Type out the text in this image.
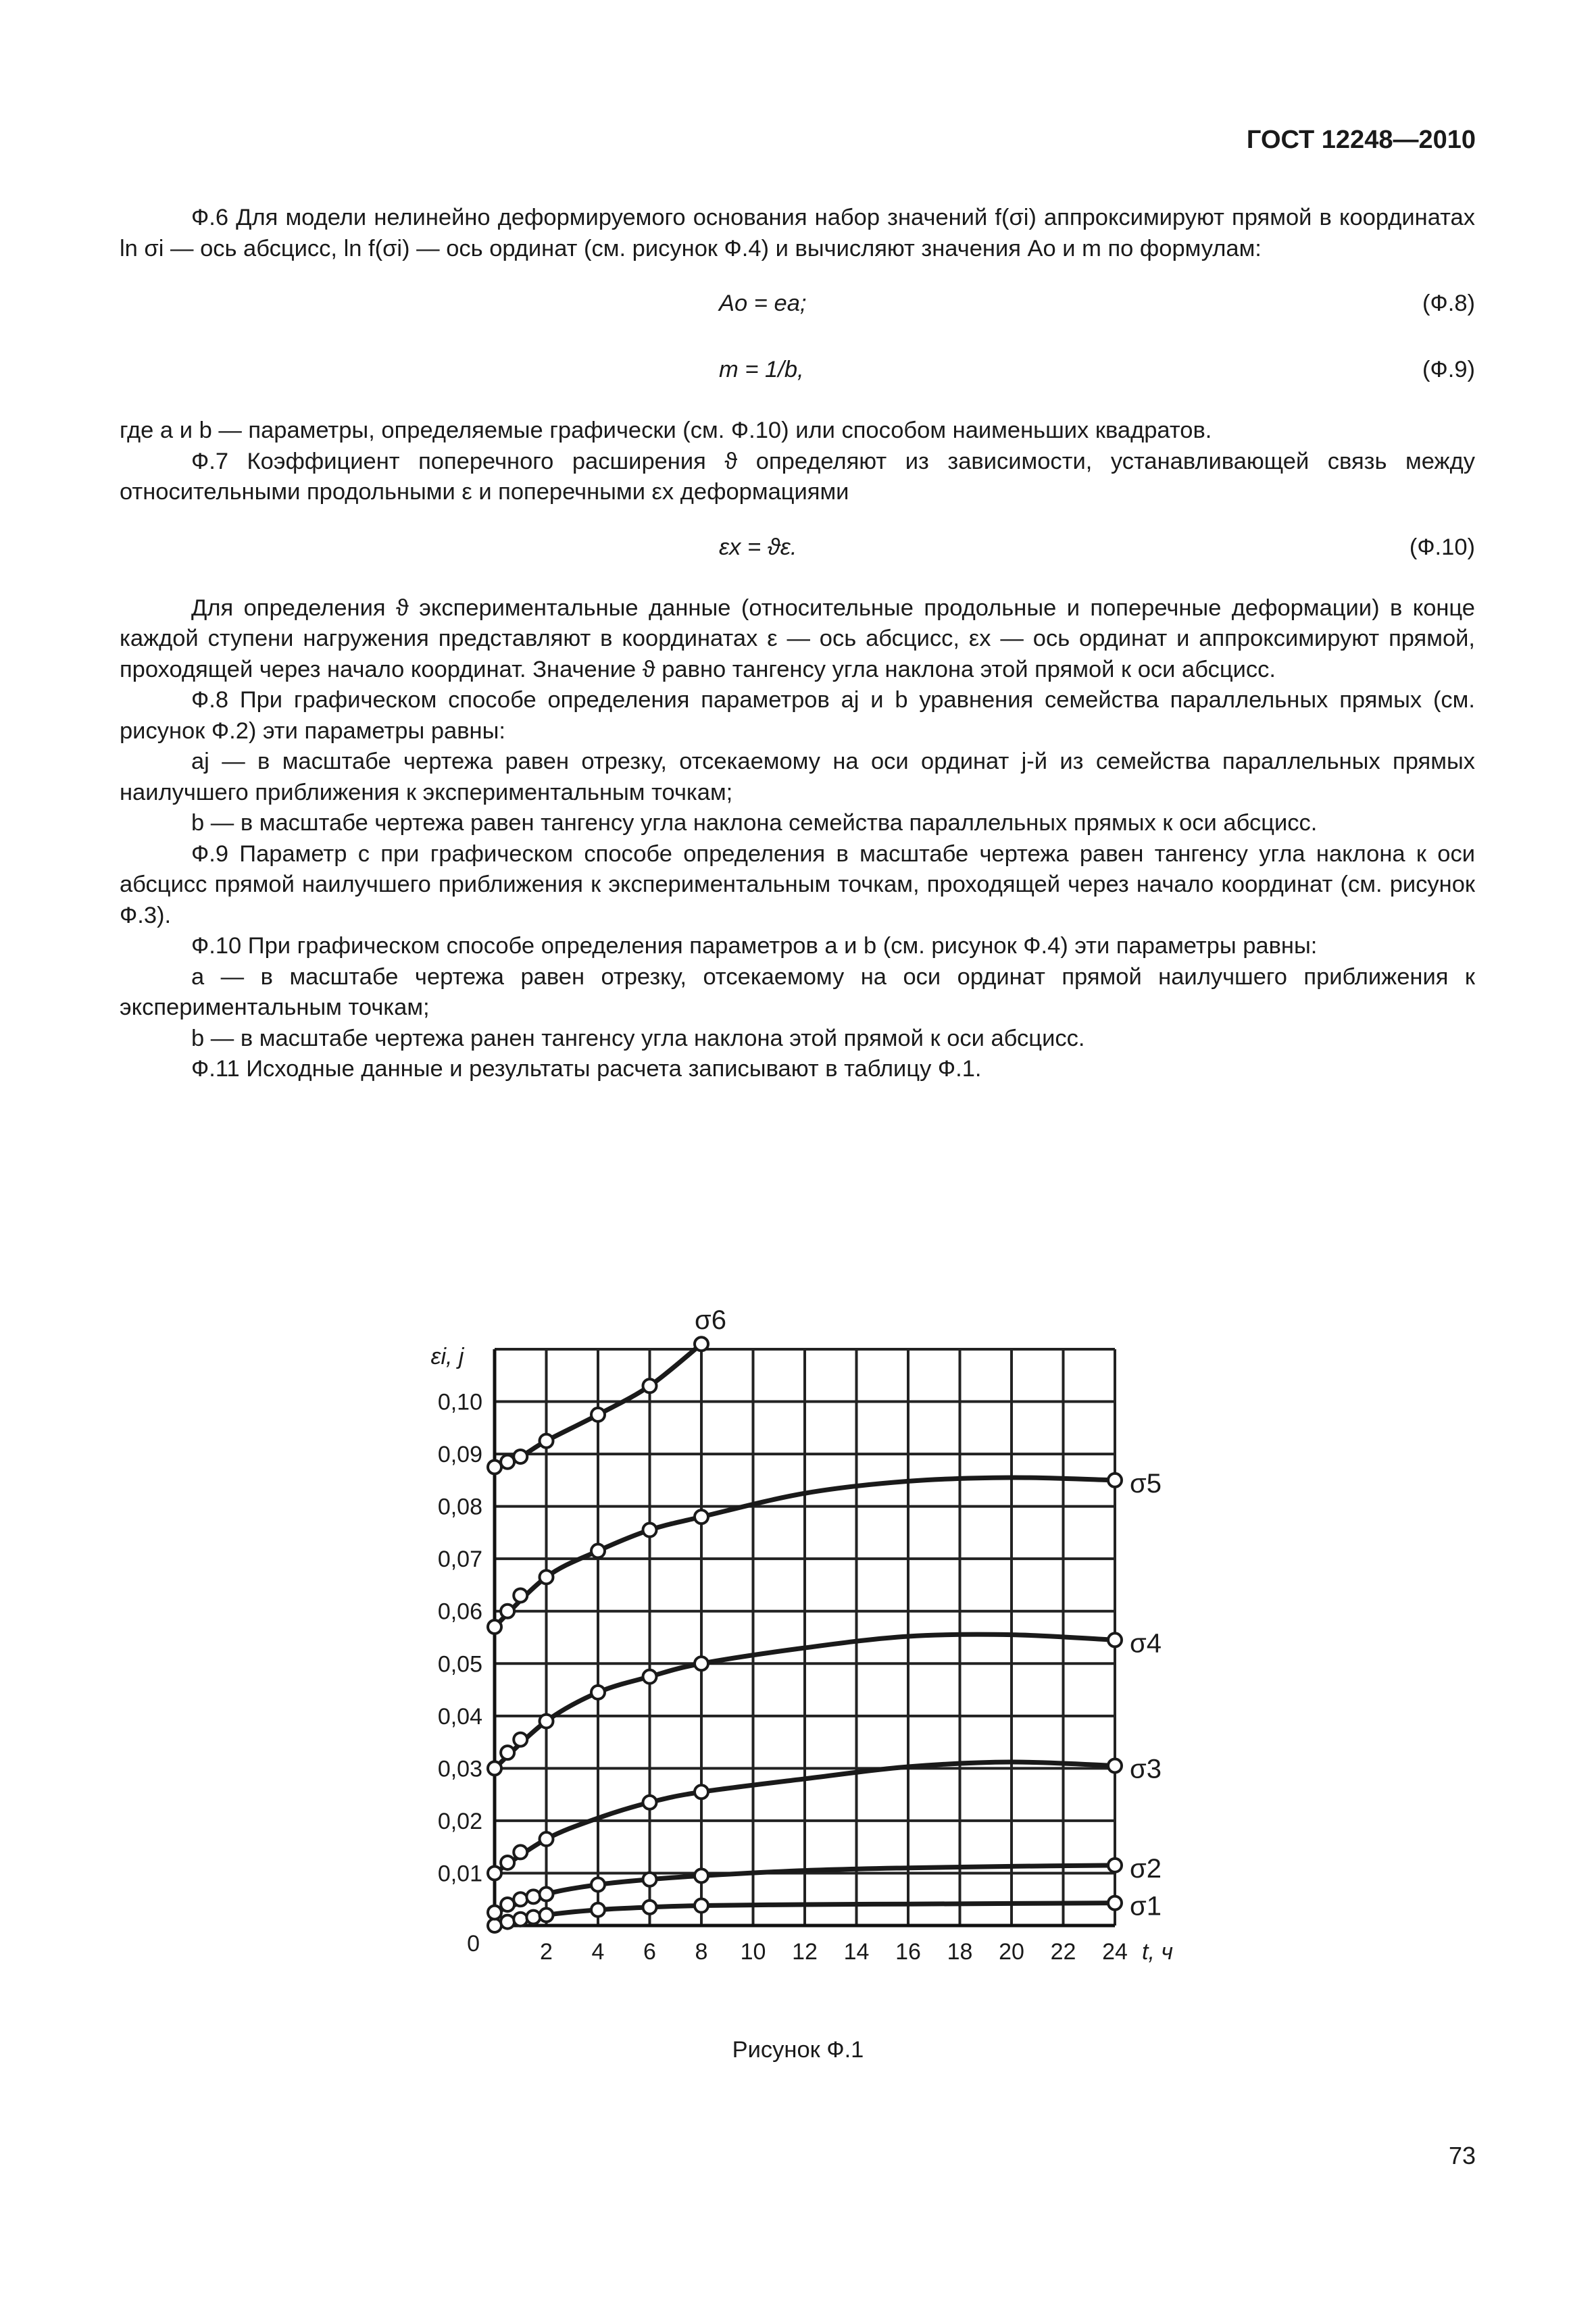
ГОСТ 12248—2010

Ф.6 Для модели нелинейно деформируемого основания набор значений f(σi) аппроксимируют прямой в координатах ln σi — ось абсцисс, ln f(σi) — ось ординат (см. рисунок Ф.4) и вычисляют значения Ao и m по формулам:

Ao = ea;	(Ф.8)
m = 1/b,	(Ф.9)

где a и b — параметры, определяемые графически (см. Ф.10) или способом наименьших квадратов.

Ф.7 Коэффициент поперечного расширения ϑ определяют из зависимости, устанавливающей связь между относительными продольными ε и поперечными εx деформациями

εx = ϑε.	(Ф.10)

Для определения ϑ экспериментальные данные (относительные продольные и поперечные деформации) в конце каждой ступени нагружения представляют в координатах ε — ось абсцисс, εx — ось ординат и аппроксимируют прямой, проходящей через начало координат. Значение ϑ равно тангенсу угла наклона этой прямой к оси абсцисс.

Ф.8 При графическом способе определения параметров aj и b уравнения семейства параллельных прямых (см. рисунок Ф.2) эти параметры равны:

aj — в масштабе чертежа равен отрезку, отсекаемому на оси ординат j-й из семейства параллельных прямых наилучшего приближения к экспериментальным точкам;

b — в масштабе чертежа равен тангенсу угла наклона семейства параллельных прямых к оси абсцисс.

Ф.9 Параметр c при графическом способе определения в масштабе чертежа равен тангенсу угла наклона к оси абсцисс прямой наилучшего приближения к экспериментальным точкам, проходящей через начало координат (см. рисунок Ф.3).

Ф.10 При графическом способе определения параметров a и b (см. рисунок Ф.4) эти параметры равны:

a — в масштабе чертежа равен отрезку, отсекаемому на оси ординат прямой наилучшего приближения к экспериментальным точкам;

b — в масштабе чертежа ранен тангенсу угла наклона этой прямой к оси абсцисс.

Ф.11 Исходные данные и результаты расчета записывают в таблицу Ф.1.

2 4 6 8 10 12 14 16 18 20 22 24
0,01
0,02
0,03
0,04
0,05
0,06
0,07
0,08
0,09
0,10
0	t, ч
εi, j
σ1
σ2
σ3
σ4
σ5
σ6
Рисунок Ф.1
73
